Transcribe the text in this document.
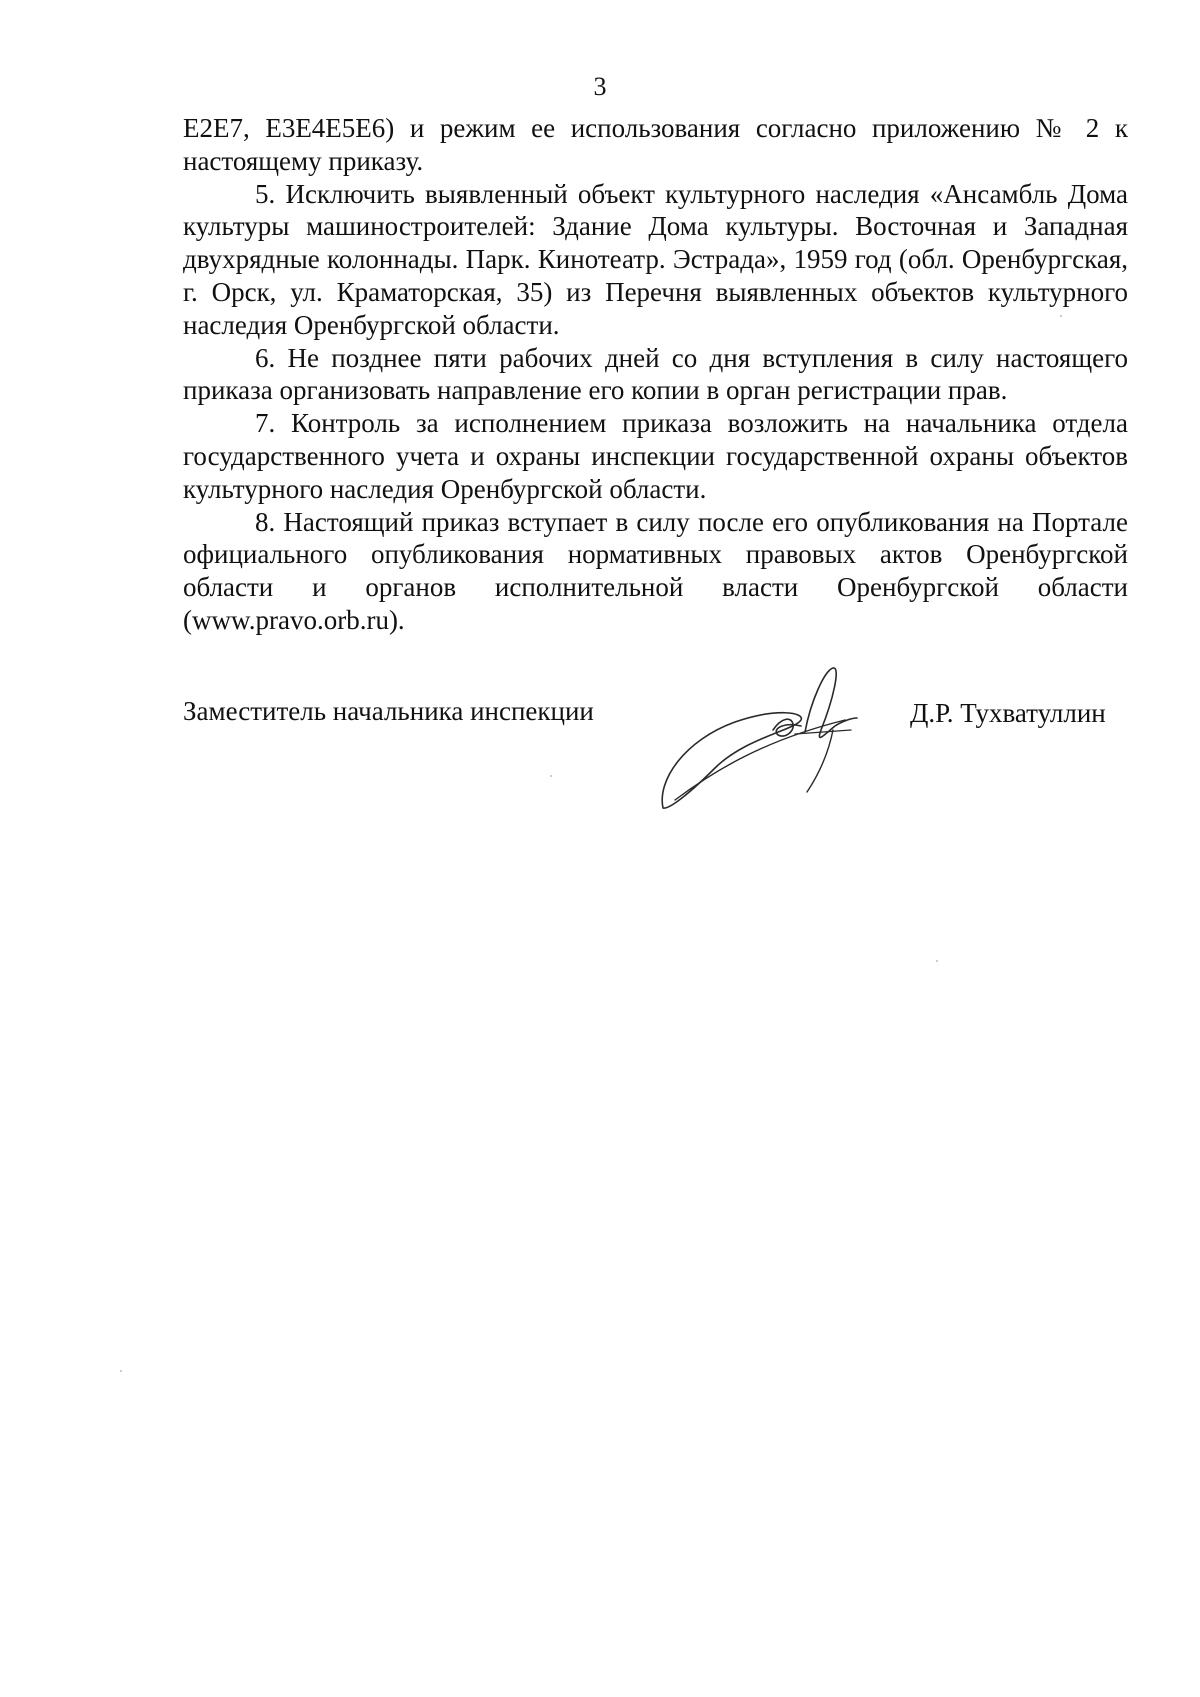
3

E2E7, E3E4E5E6) и режим ее использования согласно приложению № 2 к настоящему приказу.

5. Исключить выявленный объект культурного наследия «Ансамбль Дома культуры машиностроителей: Здание Дома культуры. Восточная и Западная двухрядные колоннады. Парк. Кинотеатр. Эстрада», 1959 год (обл. Оренбургская, г. Орск, ул. Краматорская, 35) из Перечня выявленных объектов культурного наследия Оренбургской области.

6. Не позднее пяти рабочих дней со дня вступления в силу настоящего приказа организовать направление его копии в орган регистрации прав.

7. Контроль за исполнением приказа возложить на начальника отдела государственного учета и охраны инспекции государственной охраны объектов культурного наследия Оренбургской области.

8. Настоящий приказ вступает в силу после его опубликования на Портале официального опубликования нормативных правовых актов Оренбургской области и органов исполнительной власти Оренбургской области (www.pravo.orb.ru).

Заместитель начальника инспекции	Д.Р. Тухватуллин
